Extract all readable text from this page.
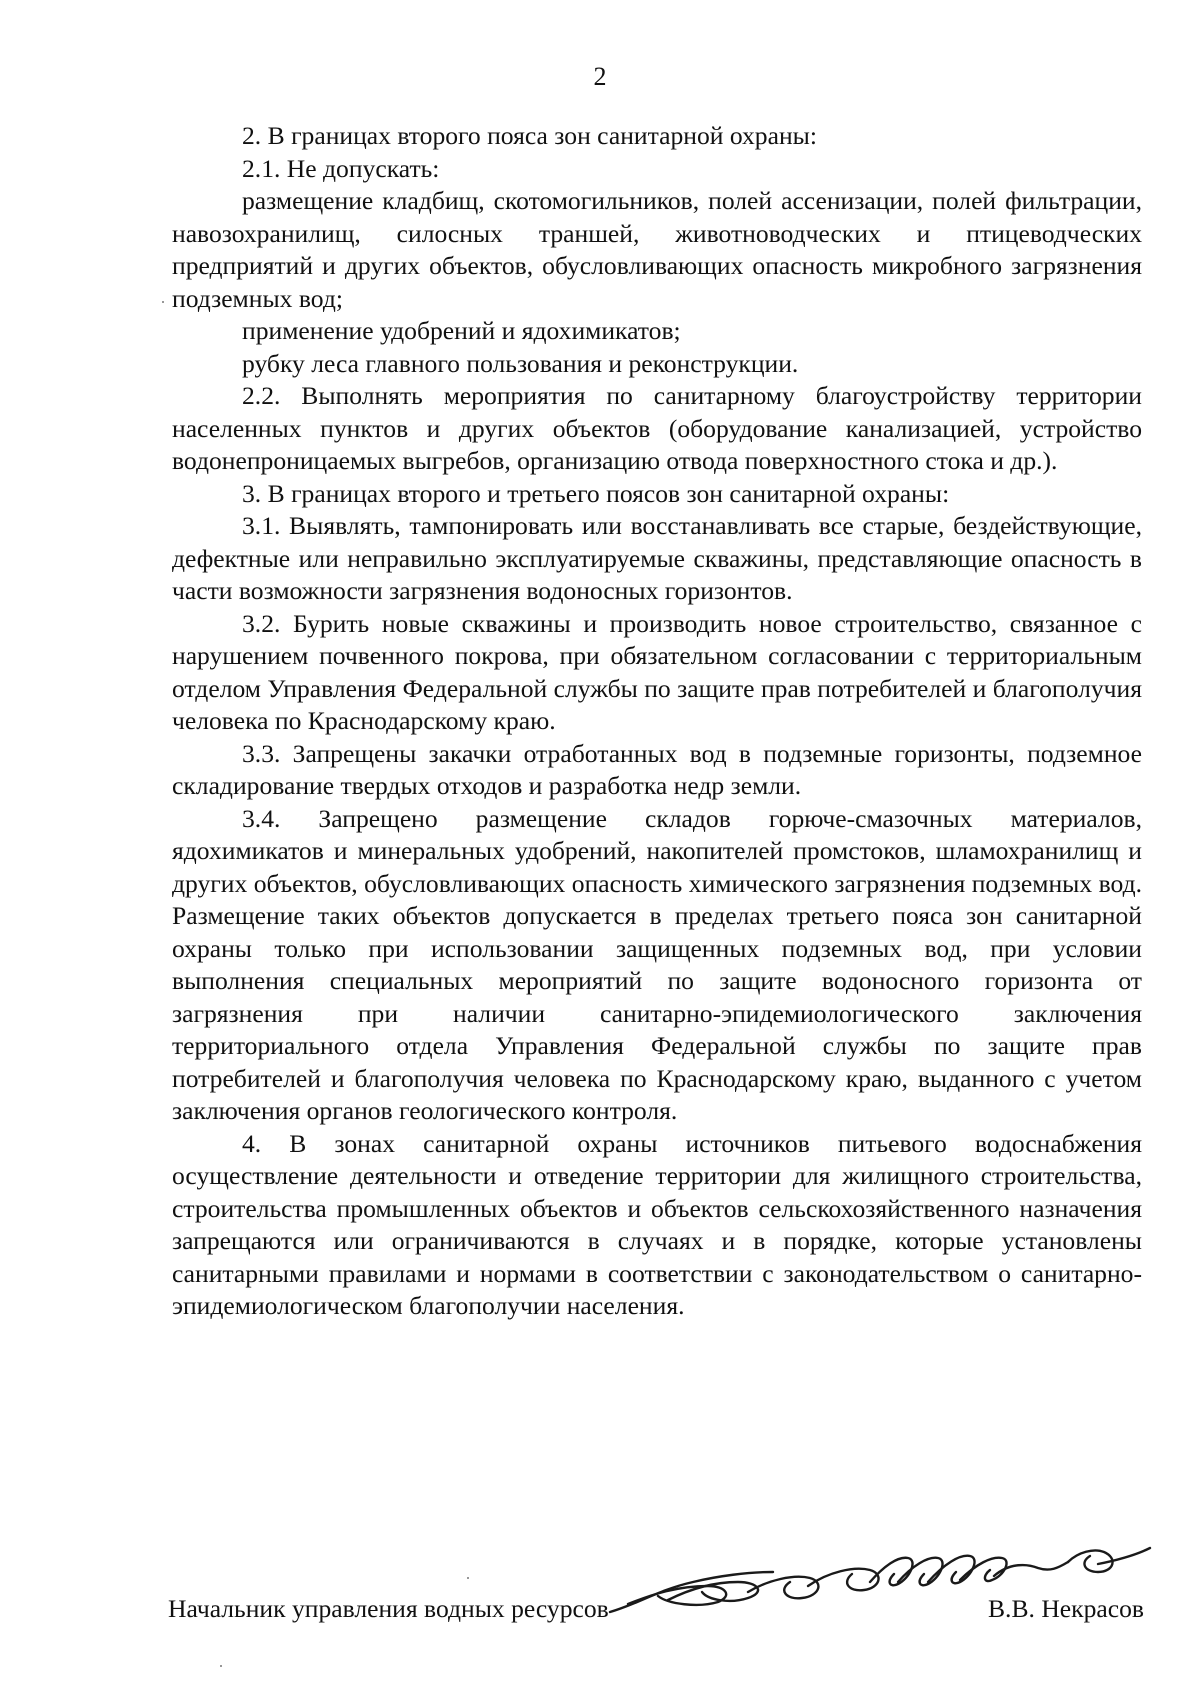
2

2. В границах второго пояса зон санитарной охраны:

2.1. Не допускать:

размещение кладбищ, скотомогильников, полей ассенизации, полей фильтрации, навозохранилищ, силосных траншей, животноводческих и птицеводческих предприятий и других объектов, обусловливающих опасность микробного загрязнения подземных вод;

применение удобрений и ядохимикатов;

рубку леса главного пользования и реконструкции.

2.2. Выполнять мероприятия по санитарному благоустройству территории населенных пунктов и других объектов (оборудование канализацией, устройство водонепроницаемых выгребов, организацию отвода поверхностного стока и др.).

3. В границах второго и третьего поясов зон санитарной охраны:

3.1. Выявлять, тампонировать или восстанавливать все старые, бездействующие, дефектные или неправильно эксплуатируемые скважины, представляющие опасность в части возможности загрязнения водоносных горизонтов.

3.2. Бурить новые скважины и производить новое строительство, связанное с нарушением почвенного покрова, при обязательном согласовании с территориальным отделом Управления Федеральной службы по защите прав потребителей и благополучия человека по Краснодарскому краю.

3.3. Запрещены закачки отработанных вод в подземные горизонты, подземное складирование твердых отходов и разработка недр земли.

3.4. Запрещено размещение складов горюче-смазочных материалов, ядохимикатов и минеральных удобрений, накопителей промстоков, шламохранилищ и других объектов, обусловливающих опасность химического загрязнения подземных вод. Размещение таких объектов допускается в пределах третьего пояса зон санитарной охраны только при использовании защищенных подземных вод, при условии выполнения специальных мероприятий по защите водоносного горизонта от загрязнения при наличии санитарно-эпидемиологического заключения территориального отдела Управления Федеральной службы по защите прав потребителей и благополучия человека по Краснодарскому краю, выданного с учетом заключения органов геологического контроля.

4. В зонах санитарной охраны источников питьевого водоснабжения осуществление деятельности и отведение территории для жилищного строительства, строительства промышленных объектов и объектов сельскохозяйственного назначения запрещаются или ограничиваются в случаях и в порядке, которые установлены санитарными правилами и нормами в соответствии с законодательством о санитарно-эпидемиологическом благополучии населения.

Начальник управления водных ресурсов	В.В. Некрасов
